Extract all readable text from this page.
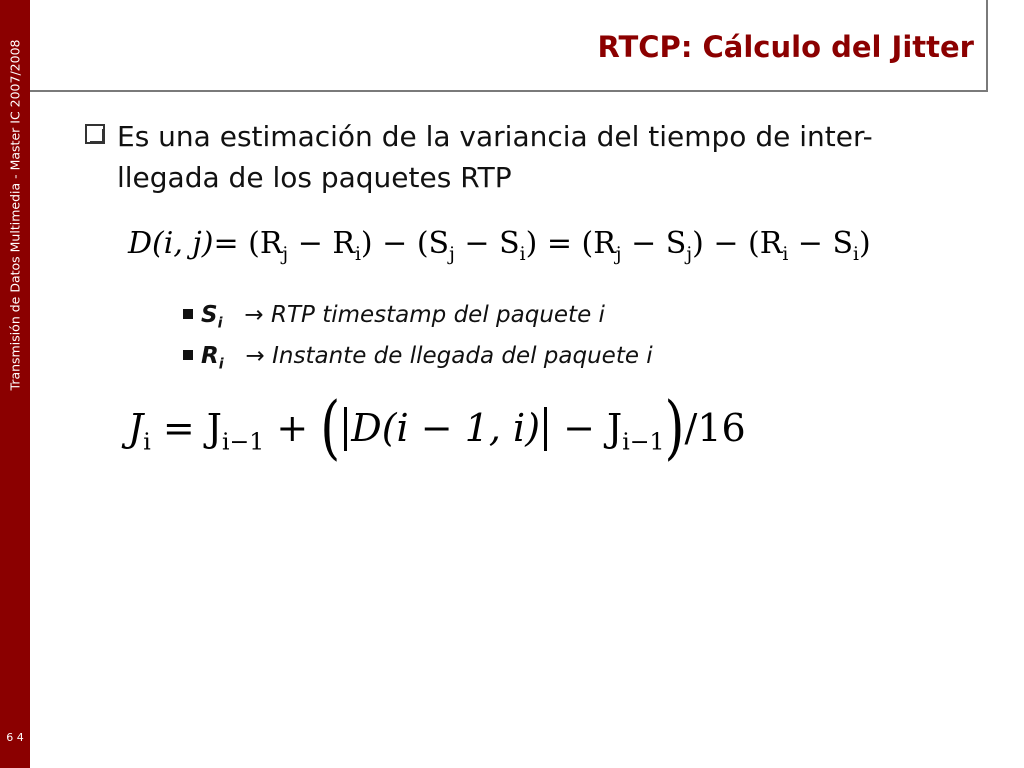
Transmisión de Datos Multimedia - Master IC 2007/2008
6 4
RTCP: Cálculo del Jitter
Es una estimación de la variancia del tiempo de inter-llegada de los paquetes RTP
D(i, $j)= (R_j - R_i) - (S_j - S_i) = (R_j - S_j) - (R_i - S_i)$
$S_i$   → RTP timestamp del paquete i
$R_i$   → Instante de llegada del paquete i
$J_i = J_{i-1}$ + ( D(i − 1, $i) - J_{i-1})/16$
